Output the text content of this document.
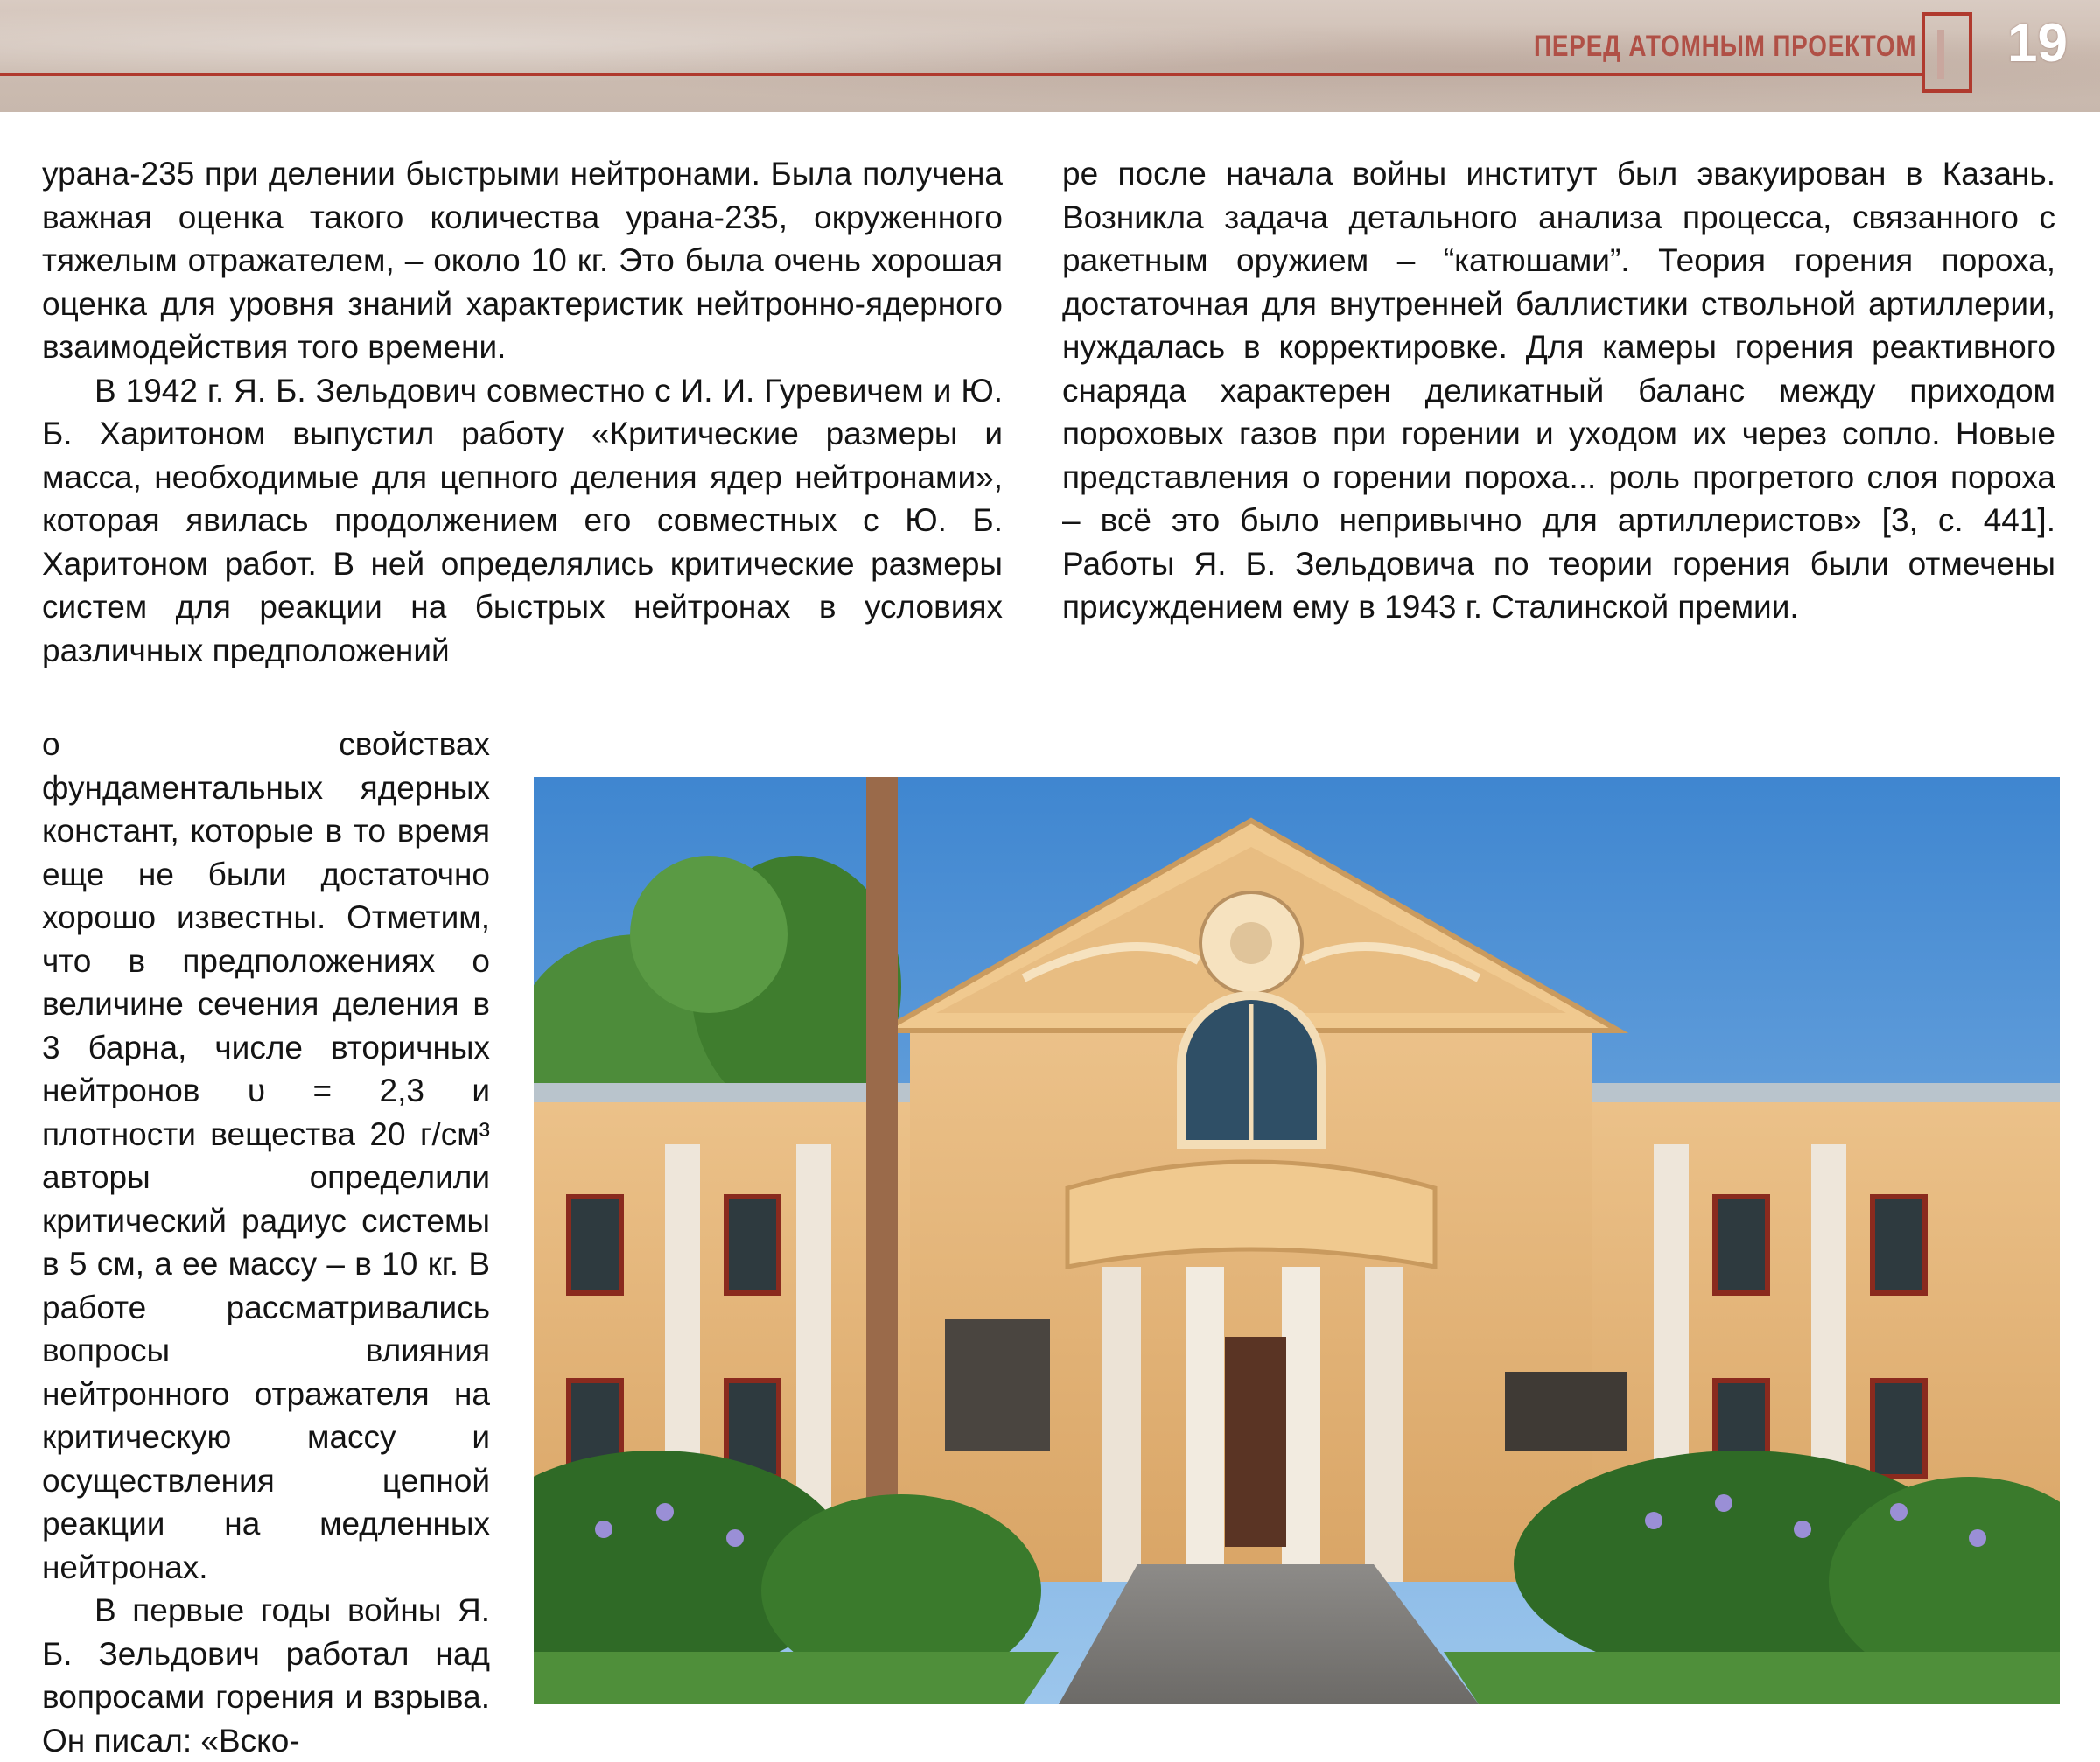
ПЕРЕД АТОМНЫМ ПРОЕКТОМ 19

урана-235 при делении быстрыми нейтронами. Была получена важная оценка такого количества урана-235, окруженного тяжелым отражателем, – около 10 кг. Это была очень хорошая оценка для уровня знаний характеристик нейтронно-ядерного взаимодействия того времени.

В 1942 г. Я. Б. Зельдович совместно с И. И. Гуревичем и Ю. Б. Харитоном выпустил работу «Критические размеры и масса, необходимые для цепного деления ядер нейтронами», которая явилась продолжением его совместных с Ю. Б. Харитоном работ. В ней определялись критические размеры систем для реакции на быстрых нейтронах в условиях различных предположений

ре после начала войны институт был эвакуирован в Казань. Возникла задача детального анализа процесса, связанного с ракетным оружием – “катюшами”. Теория горения пороха, достаточная для внутренней баллистики ствольной артиллерии, нуждалась в корректировке. Для камеры горения реактивного снаряда характерен деликатный баланс между приходом пороховых газов при горении и уходом их через сопло. Новые представления о горении пороха... роль прогретого слоя пороха – всё это было непривычно для артиллеристов» [3, с. 441]. Работы Я. Б. Зельдовича по теории горения были отмечены присуждением ему в 1943 г. Сталинской премии.

о свойствах фундаментальных ядерных констант, которые в то время еще не были достаточно хорошо известны. Отметим, что в предположениях о величине сечения деления в 3 барна, числе вторичных нейтронов υ = 2,3 и плотности вещества 20 г/см³ авторы определили критический радиус системы в 5 см, а ее массу – в 10 кг. В работе рассматривались вопросы влияния нейтронного отражателя на критическую массу и осуществления цепной реакции на медленных нейтронах.

В первые годы войны Я. Б. Зельдович работал над вопросами горения и взрыва. Он писал: «Вско-
